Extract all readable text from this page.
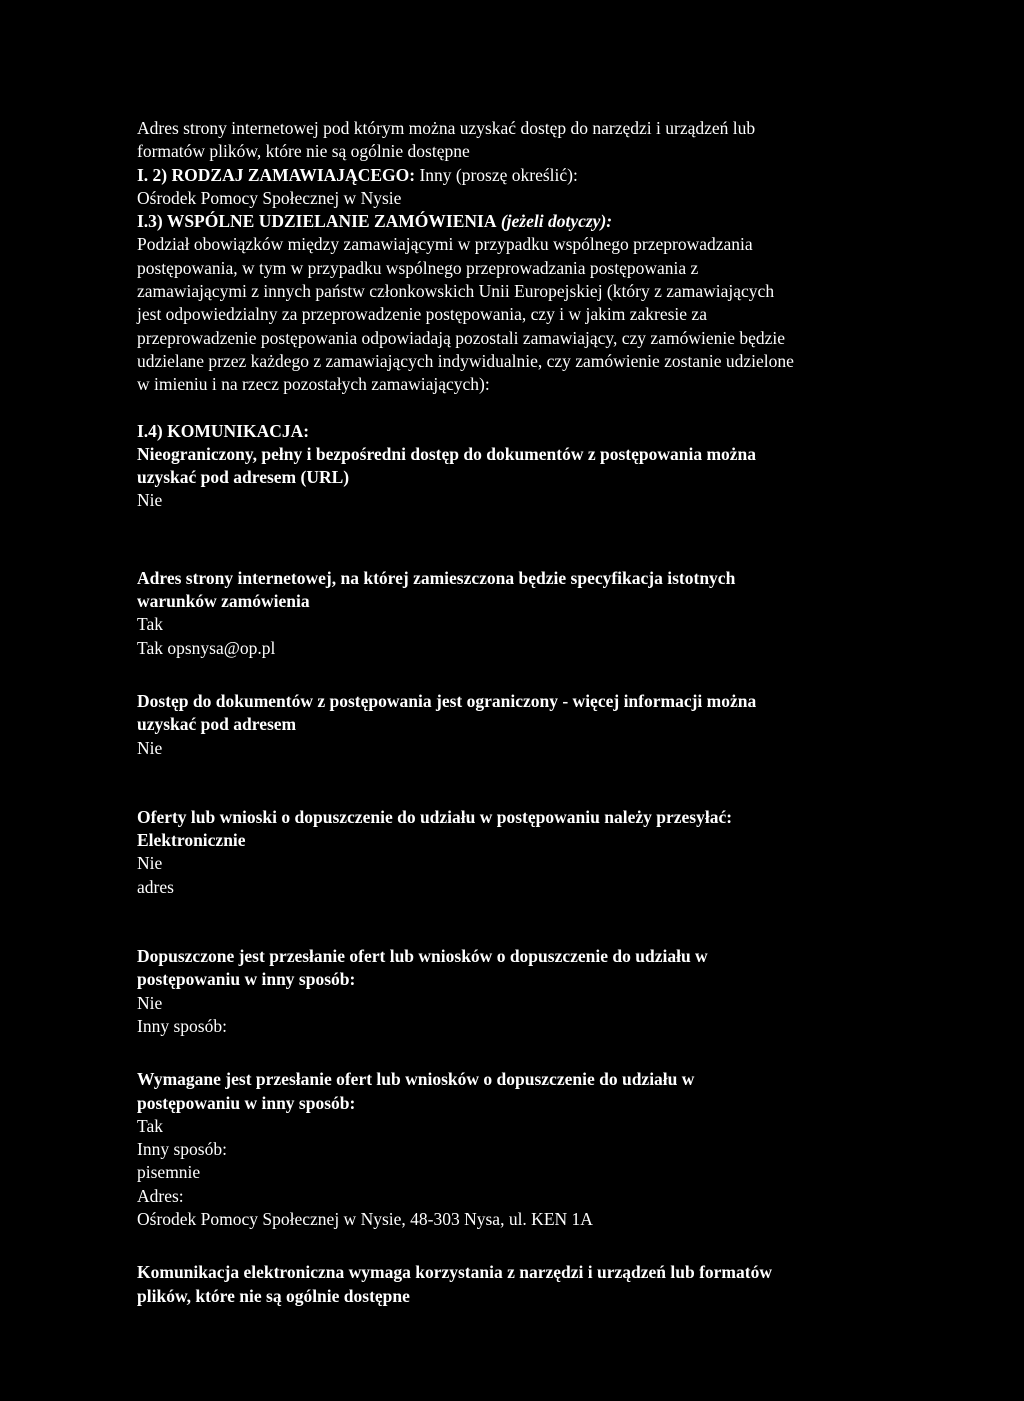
Adres strony internetowej pod którym można uzyskać dostęp do narzędzi i urządzeń lub
formatów plików, które nie są ogólnie dostępne
I. 2) RODZAJ ZAMAWIAJĄCEGO: Inny (proszę określić):
Ośrodek Pomocy Społecznej w Nysie
I.3) WSPÓLNE UDZIELANIE ZAMÓWIENIA (jeżeli dotyczy):
Podział obowiązków między zamawiającymi w przypadku wspólnego przeprowadzania
postępowania, w tym w przypadku wspólnego przeprowadzania postępowania z
zamawiającymi z innych państw członkowskich Unii Europejskiej (który z zamawiających
jest odpowiedzialny za przeprowadzenie postępowania, czy i w jakim zakresie za
przeprowadzenie postępowania odpowiadają pozostali zamawiający, czy zamówienie będzie
udzielane przez każdego z zamawiających indywidualnie, czy zamówienie zostanie udzielone
w imieniu i na rzecz pozostałych zamawiających):
I.4) KOMUNIKACJA:
Nieograniczony, pełny i bezpośredni dostęp do dokumentów z postępowania można
uzyskać pod adresem (URL)
Nie
Adres strony internetowej, na której zamieszczona będzie specyfikacja istotnych
warunków zamówienia
Tak
Tak opsnysa@op.pl
Dostęp do dokumentów z postępowania jest ograniczony - więcej informacji można
uzyskać pod adresem
Nie
Oferty lub wnioski o dopuszczenie do udziału w postępowaniu należy przesyłać:
Elektronicznie
Nie
adres
Dopuszczone jest przesłanie ofert lub wniosków o dopuszczenie do udziału w
postępowaniu w inny sposób:
Nie
Inny sposób:
Wymagane jest przesłanie ofert lub wniosków o dopuszczenie do udziału w
postępowaniu w inny sposób:
Tak
Inny sposób:
pisemnie
Adres:
Ośrodek Pomocy Społecznej w Nysie, 48-303 Nysa, ul. KEN 1A
Komunikacja elektroniczna wymaga korzystania z narzędzi i urządzeń lub formatów
plików, które nie są ogólnie dostępne
